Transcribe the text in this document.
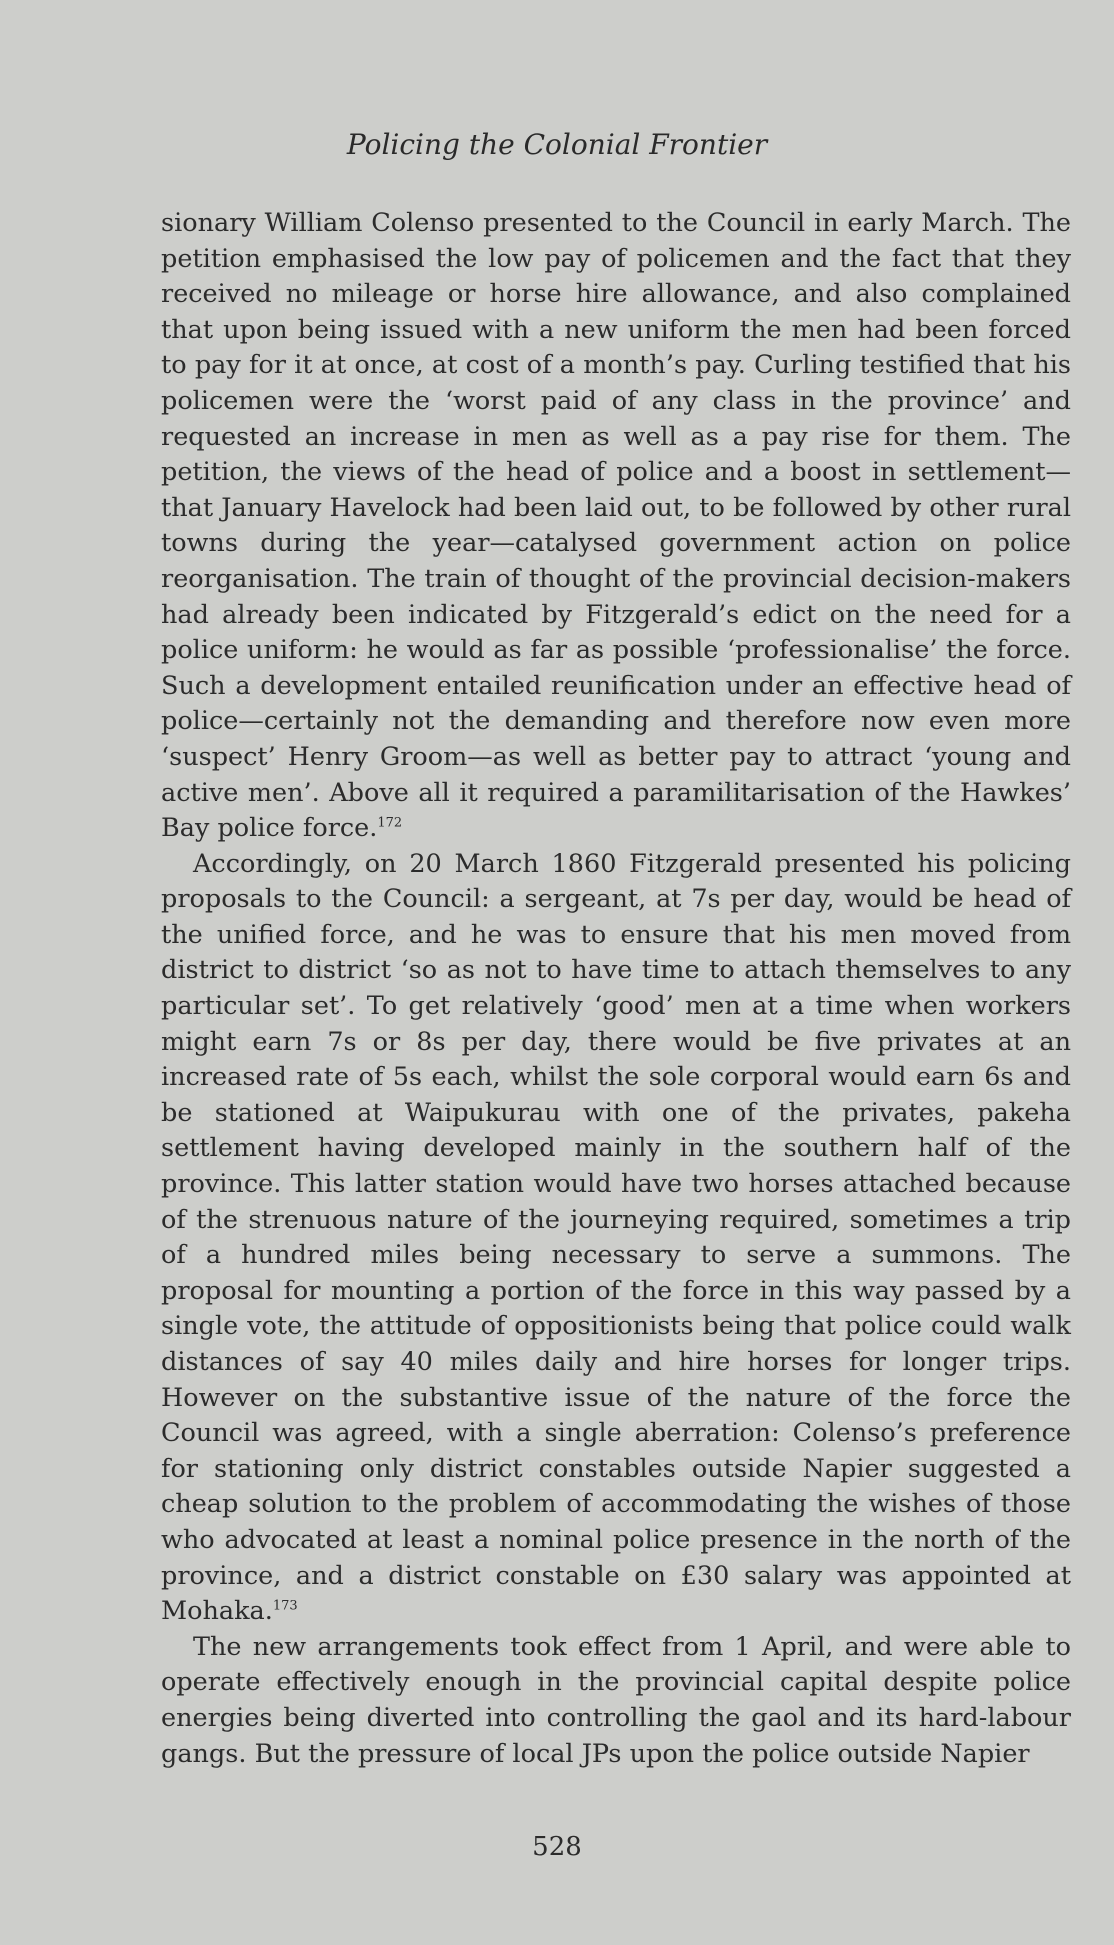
Policing the Colonial Frontier

sionary William Colenso presented to the Council in early March. The petition emphasised the low pay of policemen and the fact that they received no mileage or horse hire allowance, and also complained that upon being issued with a new uniform the men had been forced to pay for it at once, at cost of a month’s pay. Curling testified that his policemen were the ‘worst paid of any class in the province’ and requested an increase in men as well as a pay rise for them. The petition, the views of the head of police and a boost in settlement—that January Havelock had been laid out, to be followed by other rural towns during the year—catalysed government action on police reorganisation. The train of thought of the provincial decision-makers had already been indicated by Fitzgerald’s edict on the need for a police uniform: he would as far as possible ‘professionalise’ the force. Such a development entailed reunification under an effective head of police—certainly not the demanding and therefore now even more ‘suspect’ Henry Groom—as well as better pay to attract ‘young and active men’. Above all it required a paramilitarisation of the Hawkes’ Bay police force.$^{172}$

Accordingly, on 20 March 1860 Fitzgerald presented his policing proposals to the Council: a sergeant, at 7s per day, would be head of the unified force, and he was to ensure that his men moved from district to district ‘so as not to have time to attach themselves to any particular set’. To get relatively ‘good’ men at a time when workers might earn 7s or 8s per day, there would be five privates at an increased rate of 5s each, whilst the sole corporal would earn 6s and be stationed at Waipukurau with one of the privates, pakeha settlement having developed mainly in the southern half of the province. This latter station would have two horses attached because of the strenuous nature of the journeying required, sometimes a trip of a hundred miles being necessary to serve a summons. The proposal for mounting a portion of the force in this way passed by a single vote, the attitude of oppositionists being that police could walk distances of say 40 miles daily and hire horses for longer trips. However on the substantive issue of the nature of the force the Council was agreed, with a single aberration: Colenso’s preference for stationing only district constables outside Napier suggested a cheap solution to the problem of accommodating the wishes of those who advocated at least a nominal police presence in the north of the province, and a district constable on £30 salary was appointed at Mohaka.$^{173}$

The new arrangements took effect from 1 April, and were able to operate effectively enough in the provincial capital despite police energies being diverted into controlling the gaol and its hard-labour gangs. But the pressure of local JPs upon the police outside Napier

528
